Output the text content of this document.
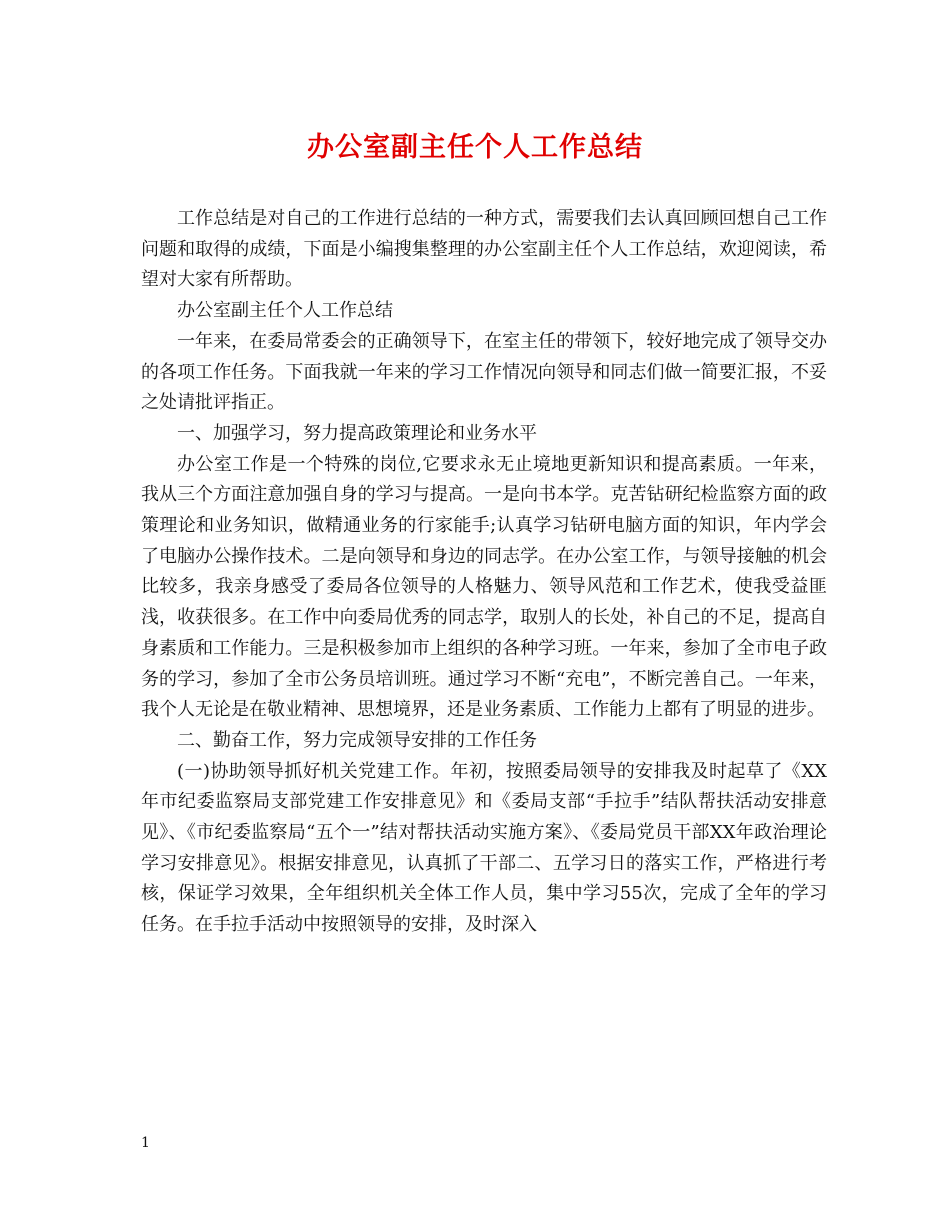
办公室副主任个人工作总结

工作总结是对自己的工作进行总结的一种方式，需要我们去认真回顾回想自己工作问题和取得的成绩，下面是小编搜集整理的办公室副主任个人工作总结，欢迎阅读，希望对大家有所帮助。

办公室副主任个人工作总结

一年来，在委局常委会的正确领导下，在室主任的带领下，较好地完成了领导交办的各项工作任务。下面我就一年来的学习工作情况向领导和同志们做一简要汇报，不妥之处请批评指正。

一、加强学习，努力提高政策理论和业务水平

办公室工作是一个特殊的岗位,它要求永无止境地更新知识和提高素质。一年来，我从三个方面注意加强自身的学习与提高。一是向书本学。克苦钻研纪检监察方面的政策理论和业务知识，做精通业务的行家能手;认真学习钻研电脑方面的知识，年内学会了电脑办公操作技术。二是向领导和身边的同志学。在办公室工作，与领导接触的机会比较多，我亲身感受了委局各位领导的人格魅力、领导风范和工作艺术，使我受益匪浅，收获很多。在工作中向委局优秀的同志学，取别人的长处，补自己的不足，提高自身素质和工作能力。三是积极参加市上组织的各种学习班。一年来，参加了全市电子政务的学习，参加了全市公务员培训班。通过学习不断“充电”，不断完善自己。一年来，我个人无论是在敬业精神、思想境界，还是业务素质、工作能力上都有了明显的进步。

二、勤奋工作，努力完成领导安排的工作任务

(一)协助领导抓好机关党建工作。年初，按照委局领导的安排我及时起草了《XX年市纪委监察局支部党建工作安排意见》和《委局支部“手拉手”结队帮扶活动安排意见》、《市纪委监察局“五个一”结对帮扶活动实施方案》、《委局党员干部XX年政治理论学习安排意见》。根据安排意见，认真抓了干部二、五学习日的落实工作，严格进行考核，保证学习效果，全年组织机关全体工作人员，集中学习55次，完成了全年的学习任务。在手拉手活动中按照领导的安排，及时深入

1
